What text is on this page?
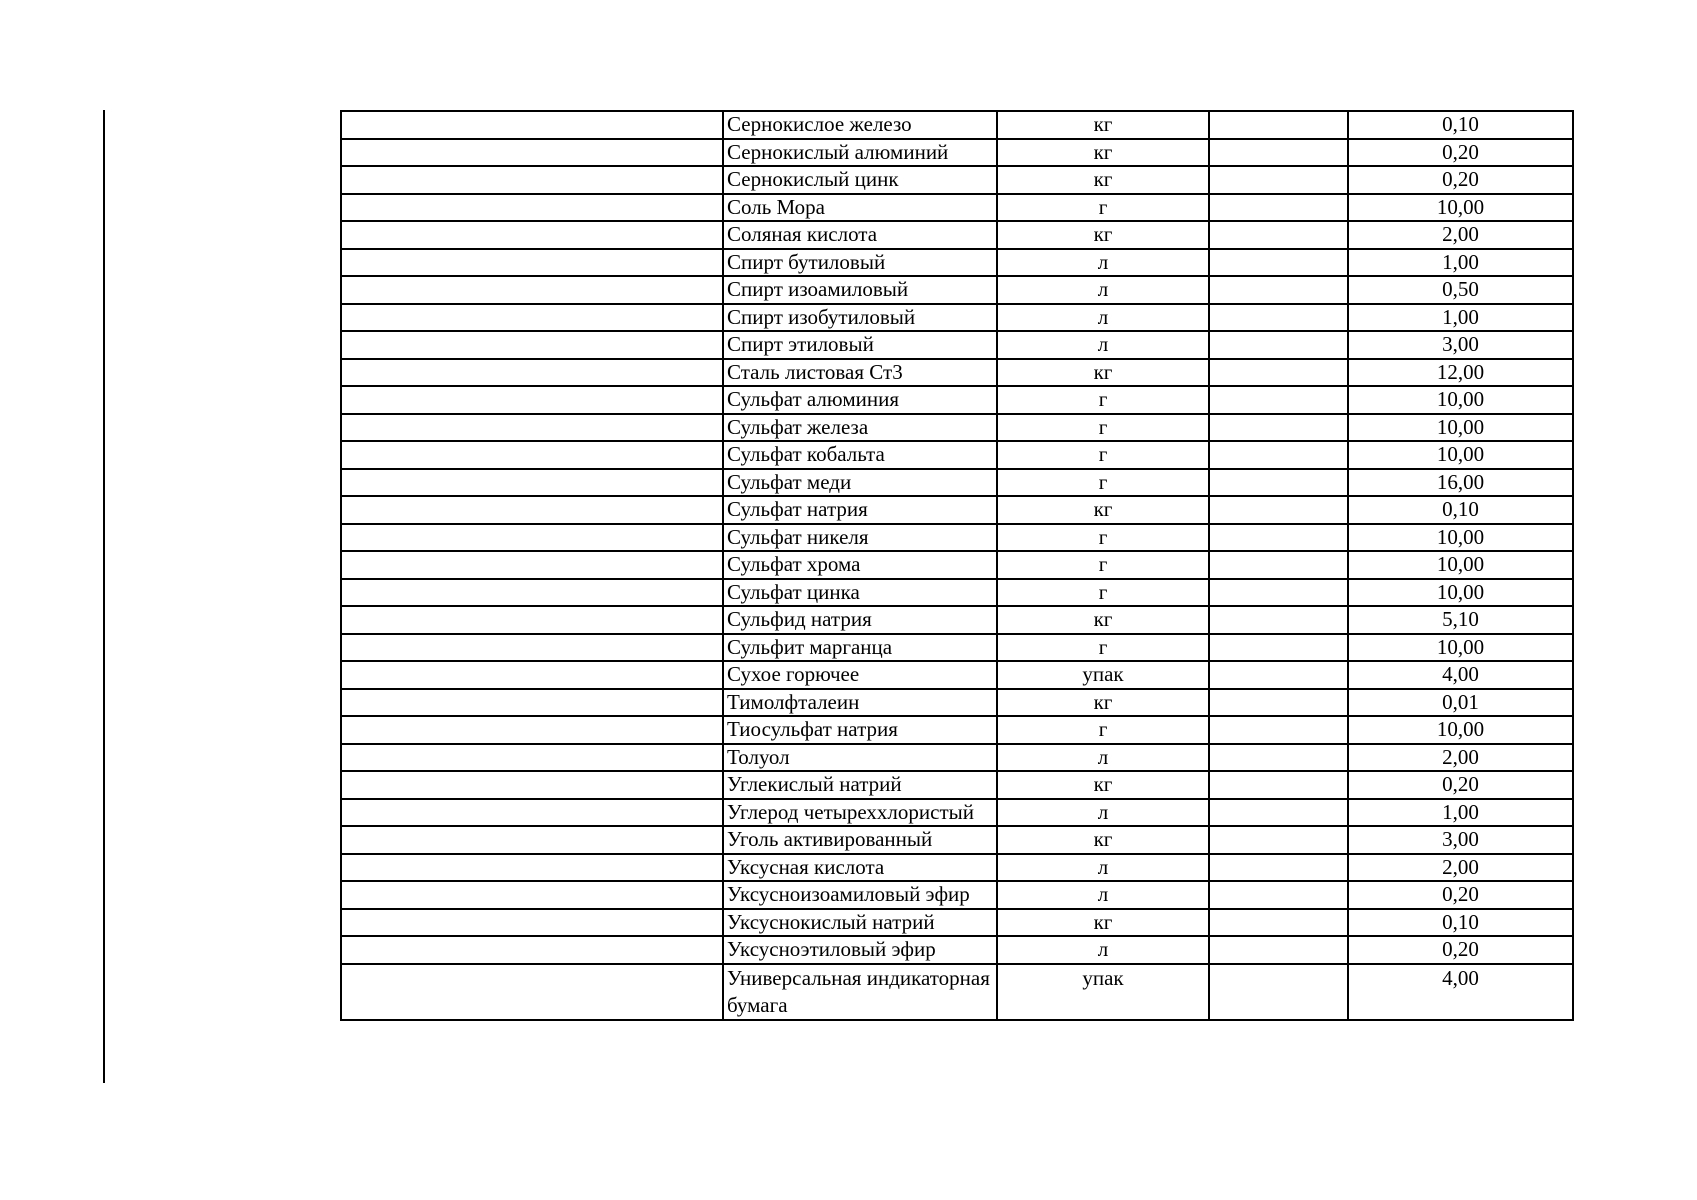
	Сернокислое железо	кг		0,10
	Сернокислый алюминий	кг		0,20
	Сернокислый цинк	кг		0,20
	Соль Мора	г		10,00
	Соляная кислота	кг		2,00
	Спирт бутиловый	л		1,00
	Спирт изоамиловый	л		0,50
	Спирт изобутиловый	л		1,00
	Спирт этиловый	л		3,00
	Сталь листовая Ст3	кг		12,00
	Сульфат алюминия	г		10,00
	Сульфат железа	г		10,00
	Сульфат кобальта	г		10,00
	Сульфат меди	г		16,00
	Сульфат натрия	кг		0,10
	Сульфат никеля	г		10,00
	Сульфат хрома	г		10,00
	Сульфат цинка	г		10,00
	Сульфид натрия	кг		5,10
	Сульфит марганца	г		10,00
	Сухое горючее	упак		4,00
	Тимолфталеин	кг		0,01
	Тиосульфат натрия	г		10,00
	Толуол	л		2,00
	Углекислый натрий	кг		0,20
	Углерод четыреххлористый	л		1,00
	Уголь активированный	кг		3,00
	Уксусная кислота	л		2,00
	Уксусноизоамиловый эфир	л		0,20
	Уксуснокислый натрий	кг		0,10
	Уксусноэтиловый эфир	л		0,20
	Универсальная индикаторная бумага	упак		4,00
